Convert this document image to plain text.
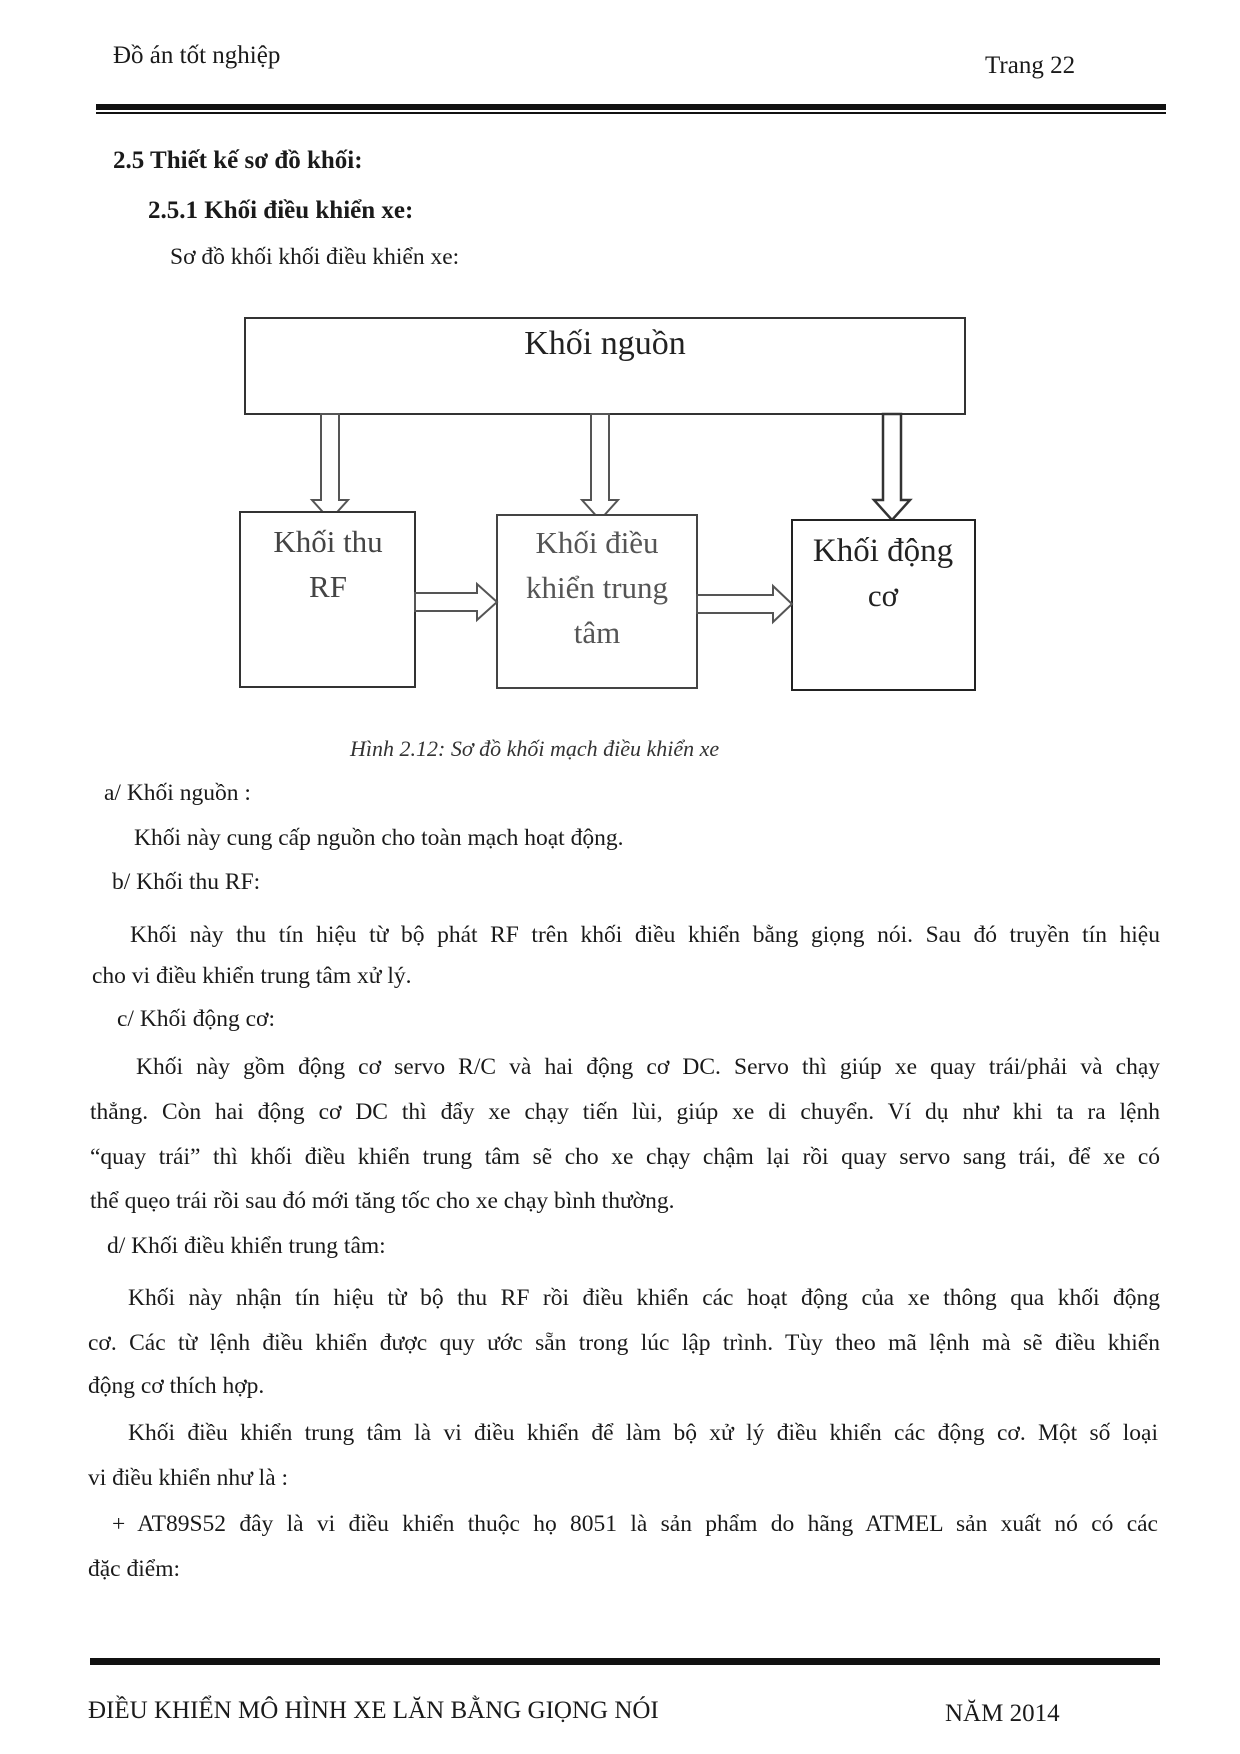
Đồ án tốt nghiệp	Trang 22
2.5 Thiết kế sơ đồ khối:
2.5.1 Khối điều khiển xe:
Sơ đồ khối khối điều khiển xe:
Khối nguồn
Khối thu
RF
Khối điều
khiển trung
tâm
Khối động
cơ
Hình 2.12: Sơ đồ khối mạch điều khiển xe
a/ Khối nguồn :
Khối này cung cấp nguồn cho toàn mạch hoạt động.
b/ Khối thu RF:
Khối này thu tín hiệu từ bộ phát RF trên khối điều khiển bằng giọng nói. Sau đó truyền tín hiệu
cho vi điều khiển trung tâm xử lý.
c/ Khối động cơ:
Khối này gồm động cơ servo R/C và hai động cơ DC. Servo thì giúp xe quay trái/phải và chạy
thẳng. Còn hai động cơ DC thì đẩy xe chạy tiến lùi, giúp xe di chuyển. Ví dụ như khi ta ra lệnh
“quay trái” thì khối điều khiển trung tâm sẽ cho xe chạy chậm lại rồi quay servo sang trái, để xe có
thể quẹo trái rồi sau đó mới tăng tốc cho xe chạy bình thường.
d/ Khối điều khiển trung tâm:
Khối này nhận tín hiệu từ bộ thu RF rồi điều khiển các hoạt động của xe thông qua khối động
cơ. Các từ lệnh điều khiển được quy ước sẵn trong lúc lập trình. Tùy theo mã lệnh mà sẽ điều khiển
động cơ thích hợp.
Khối điều khiển trung tâm là vi điều khiển để làm bộ xử lý điều khiển các động cơ. Một số loại
vi điều khiển như là :
+ AT89S52 đây là vi điều khiển thuộc họ 8051 là sản phẩm do hãng ATMEL sản xuất nó có các
đặc điểm:
ĐIỀU KHIỂN MÔ HÌNH XE LĂN BẰNG GIỌNG NÓI	NĂM 2014
